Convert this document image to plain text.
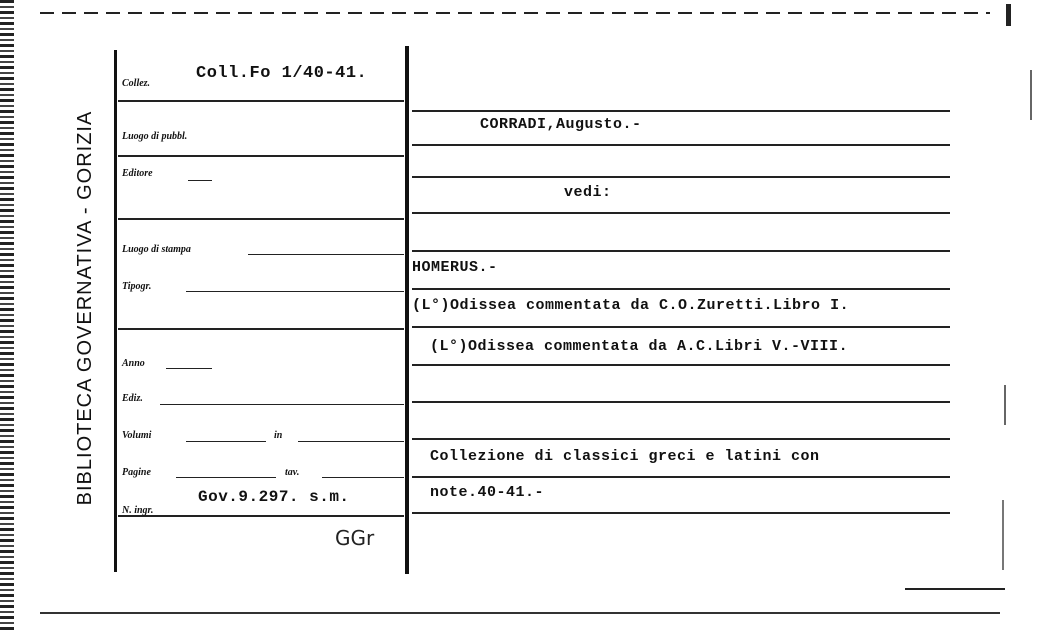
BIBLIOTECA GOVERNATIVA - GORIZIA
Collez.
Luogo di pubbl.
Editore
Luogo di stampa
Tipogr.
Anno
Ediz.
Volumi	in
Pagine	tav.
N. ingr.
Coll.Fo 1/40-41.
Gov.9.297. s.m.
GGr
CORRADI,Augusto.-
vedi:
HOMERUS.-
(L°)Odissea commentata da C.O.Zuretti.Libro I.
(L°)Odissea commentata da A.C.Libri V.-VIII.
Collezione di classici greci e latini con
note.40-41.-
